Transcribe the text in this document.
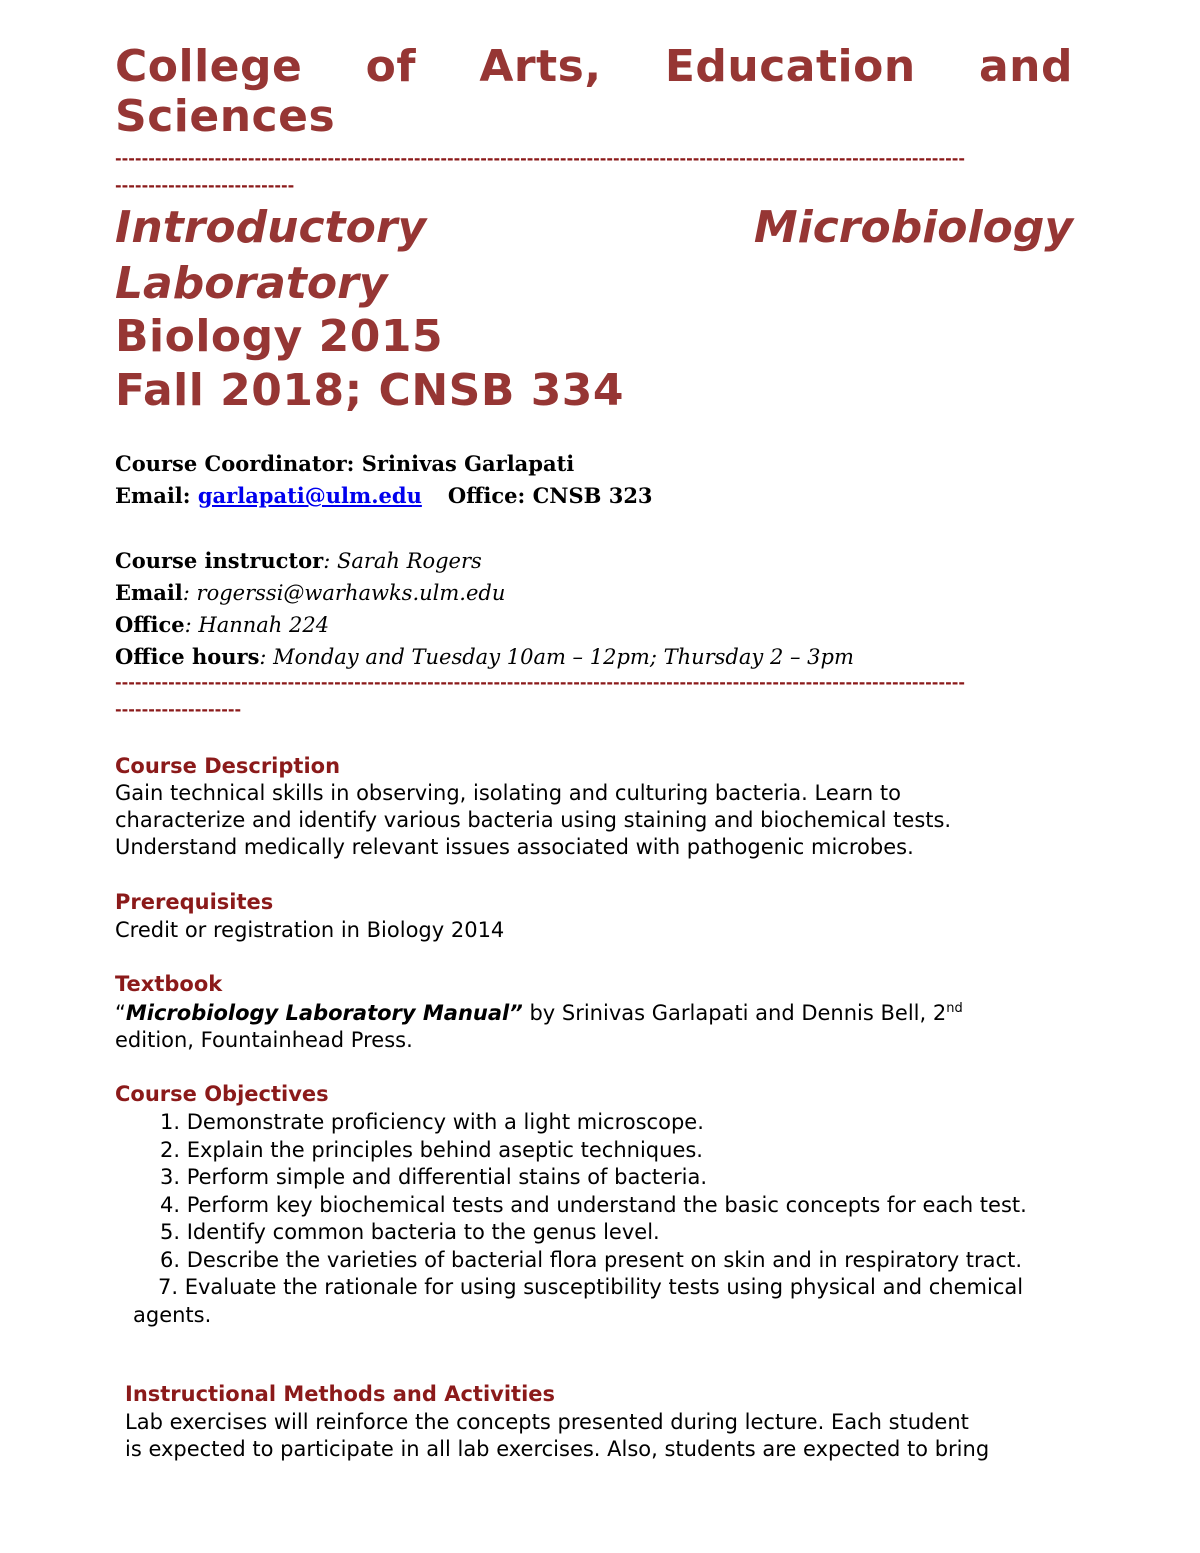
College of Arts, Education and
Sciences
--------------------------------------------------------------------------------------------------------------------------------
---------------------------
Introductory	Microbiology
Laboratory
Biology 2015
Fall 2018; CNSB 334
Course Coordinator: Srinivas Garlapati
Email: garlapati@ulm.edu Office: CNSB 323
Course instructor: Sarah Rogers
Email: rogerssi@warhawks.ulm.edu
Office: Hannah 224
Office hours: Monday and Tuesday 10am – 12pm; Thursday 2 – 3pm
--------------------------------------------------------------------------------------------------------------------------------
-------------------
Course Description
Gain technical skills in observing, isolating and culturing bacteria. Learn to
characterize and identify various bacteria using staining and biochemical tests.
Understand medically relevant issues associated with pathogenic microbes.
Prerequisites
Credit or registration in Biology 2014
Textbook
“Microbiology Laboratory Manual” by Srinivas Garlapati and Dennis Bell, 2nd
edition, Fountainhead Press.
Course Objectives
1. Demonstrate proficiency with a light microscope.
2. Explain the principles behind aseptic techniques.
3. Perform simple and differential stains of bacteria.
4. Perform key biochemical tests and understand the basic concepts for each test.
5. Identify common bacteria to the genus level.
6. Describe the varieties of bacterial flora present on skin and in respiratory tract.
7. Evaluate the rationale for using susceptibility tests using physical and chemical
agents.
Instructional Methods and Activities
Lab exercises will reinforce the concepts presented during lecture. Each student
is expected to participate in all lab exercises. Also, students are expected to bring
